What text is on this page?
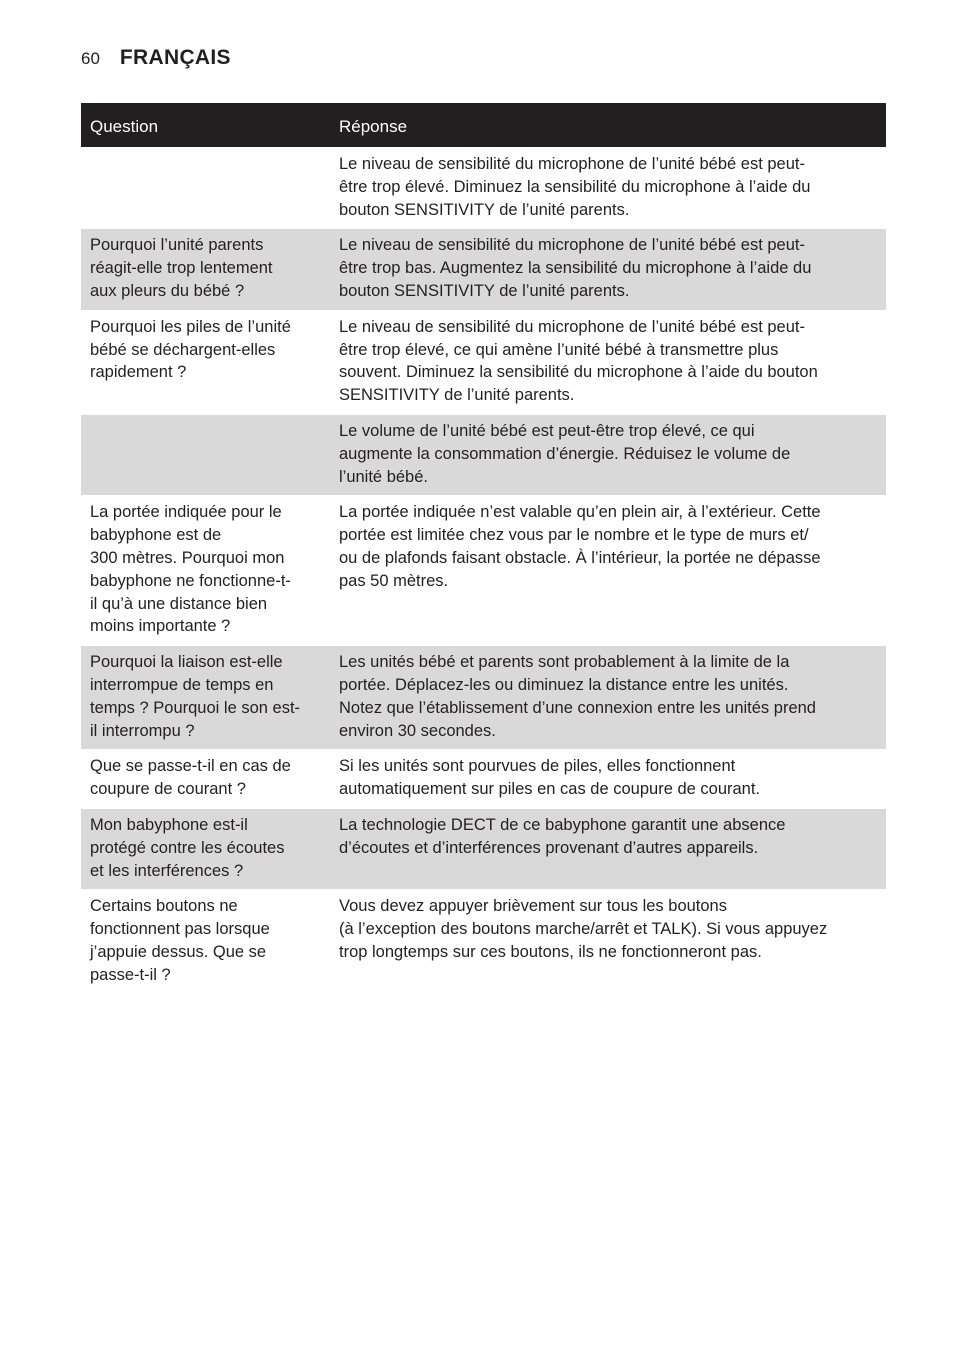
60 FRANÇAIS
Question	Réponse
Le niveau de sensibilité du microphone de l’unité bébé est peut-
être trop élevé. Diminuez la sensibilité du microphone à l’aide du
bouton SENSITIVITY de l’unité parents.
Pourquoi l’unité parents
réagit-elle trop lentement
aux pleurs du bébé ?
Le niveau de sensibilité du microphone de l’unité bébé est peut-
être trop bas. Augmentez la sensibilité du microphone à l’aide du
bouton SENSITIVITY de l’unité parents.
Pourquoi les piles de l’unité
bébé se déchargent-elles
rapidement ?
Le niveau de sensibilité du microphone de l’unité bébé est peut-
être trop élevé, ce qui amène l’unité bébé à transmettre plus
souvent. Diminuez la sensibilité du microphone à l’aide du bouton
SENSITIVITY de l’unité parents.
Le volume de l’unité bébé est peut-être trop élevé, ce qui
augmente la consommation d’énergie. Réduisez le volume de
l’unité bébé.
La portée indiquée pour le
babyphone est de
300 mètres. Pourquoi mon
babyphone ne fonctionne-t-
il qu’à une distance bien
moins importante ?
La portée indiquée n’est valable qu’en plein air, à l’extérieur. Cette
portée est limitée chez vous par le nombre et le type de murs et/
ou de plafonds faisant obstacle. À l’intérieur, la portée ne dépasse
pas 50 mètres.
Pourquoi la liaison est-elle
interrompue de temps en
temps ? Pourquoi le son est-
il interrompu ?
Les unités bébé et parents sont probablement à la limite de la
portée. Déplacez-les ou diminuez la distance entre les unités.
Notez que l’établissement d’une connexion entre les unités prend
environ 30 secondes.
Que se passe-t-il en cas de
coupure de courant ?
Si les unités sont pourvues de piles, elles fonctionnent
automatiquement sur piles en cas de coupure de courant.
Mon babyphone est-il
protégé contre les écoutes
et les interférences ?
La technologie DECT de ce babyphone garantit une absence
d’écoutes et d’interférences provenant d’autres appareils.
Certains boutons ne
fonctionnent pas lorsque
j’appuie dessus. Que se
passe-t-il ?
Vous devez appuyer brièvement sur tous les boutons
(à l’exception des boutons marche/arrêt et TALK). Si vous appuyez
trop longtemps sur ces boutons, ils ne fonctionneront pas.
